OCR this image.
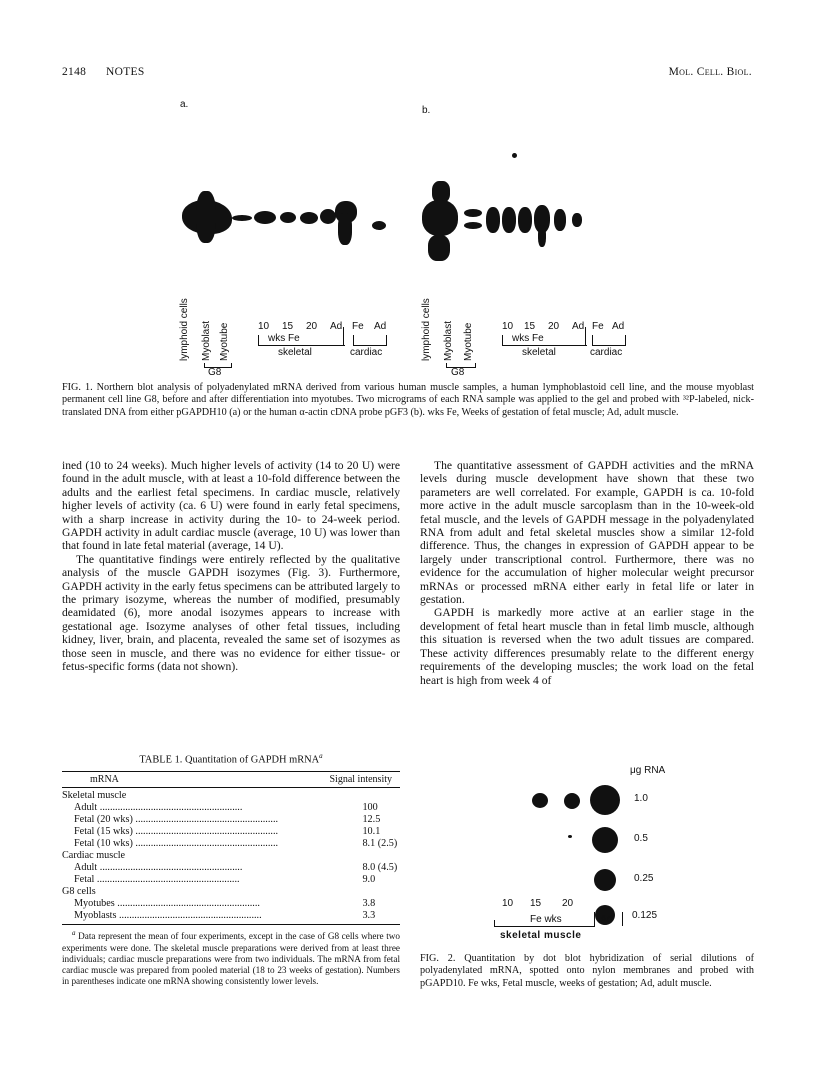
2148 NOTES	Mol. Cell. Biol.
a.
b.
lymphoid cells Myoblast Myotube
G8
10 15 20 Ad Fe Ad
wks Fe
skeletal	cardiac	lymphoid cells Myoblast Myotube
G8
10 15 20 Ad Fe Ad
wks Fe
skeletal	cardiac
FIG. 1. Northern blot analysis of polyadenylated mRNA derived from various human muscle samples, a human lymphoblastoid cell line, and the mouse myoblast permanent cell line G8, before and after differentiation into myotubes. Two micrograms of each RNA sample was applied to the gel and probed with ³²P-labeled, nick-translated DNA from either pGAPDH10 (a) or the human α-actin cDNA probe pGF3 (b). wks Fe, Weeks of gestation of fetal muscle; Ad, adult muscle.

ined (10 to 24 weeks). Much higher levels of activity (14 to 20 U) were found in the adult muscle, with at least a 10-fold difference between the adults and the earliest fetal specimens. In cardiac muscle, relatively higher levels of activity (ca. 6 U) were found in early fetal specimens, with a sharp increase in activity during the 10- to 24-week period. GAPDH activity in adult cardiac muscle (average, 10 U) was lower than that found in late fetal material (average, 14 U).

The quantitative findings were entirely reflected by the qualitative analysis of the muscle GAPDH isozymes (Fig. 3). Furthermore, GAPDH activity in the early fetus specimens can be attributed largely to the primary isozyme, whereas the number of modified, presumably deamidated (6), more anodal isozymes appears to increase with gestational age. Isozyme analyses of other fetal tissues, including kidney, liver, brain, and placenta, revealed the same set of isozymes as those seen in muscle, and there was no evidence for either tissue- or fetus-specific forms (data not shown).

The quantitative assessment of GAPDH activities and the mRNA levels during muscle development have shown that these two parameters are well correlated. For example, GAPDH is ca. 10-fold more active in the adult muscle sarcoplasm than in the 10-week-old fetal muscle, and the levels of GAPDH message in the polyadenylated RNA from adult and fetal skeletal muscles show a similar 12-fold difference. Thus, the changes in expression of GAPDH appear to be largely under transcriptional control. Furthermore, there was no evidence for the accumulation of higher molecular weight precursor mRNAs or processed mRNA either early in fetal life or later in gestation.

GAPDH is markedly more active at an earlier stage in the development of fetal heart muscle than in fetal limb muscle, although this situation is reversed when the two adult tissues are compared. These activity differences presumably relate to the different energy requirements of the developing muscles; the work load on the fetal heart is high from week 4 of

TABLE 1. Quantitation of GAPDH mRNA$^a$
mRNA	Signal intensity
Skeletal muscle	

Adult ........................................................	100

Fetal (20 wks) ........................................................	12.5

Fetal (15 wks) ........................................................	10.1

Fetal (10 wks) ........................................................	8.1 (2.5)
Cardiac muscle	

Adult ........................................................	8.0 (4.5)

Fetal ........................................................	9.0
G8 cells	

Myotubes ........................................................	3.8

Myoblasts ........................................................	3.3
$^a$ Data represent the mean of four experiments, except in the case of G8 cells where two experiments were done. The skeletal muscle preparations were derived from at least three individuals; cardiac muscle preparations were from two individuals. The mRNA from fetal cardiac muscle was prepared from pooled material (18 to 23 weeks of gestation). Numbers in parentheses indicate one mRNA showing consistently lower levels.
μg RNA
1.0
0.5
0.25
0.125
10 15 20
Fe wks	Ad
skeletal muscle
FIG. 2. Quantitation by dot blot hybridization of serial dilutions of polyadenylated mRNA, spotted onto nylon membranes and probed with pGAPD10. Fe wks, Fetal muscle, weeks of gestation; Ad, adult muscle.
